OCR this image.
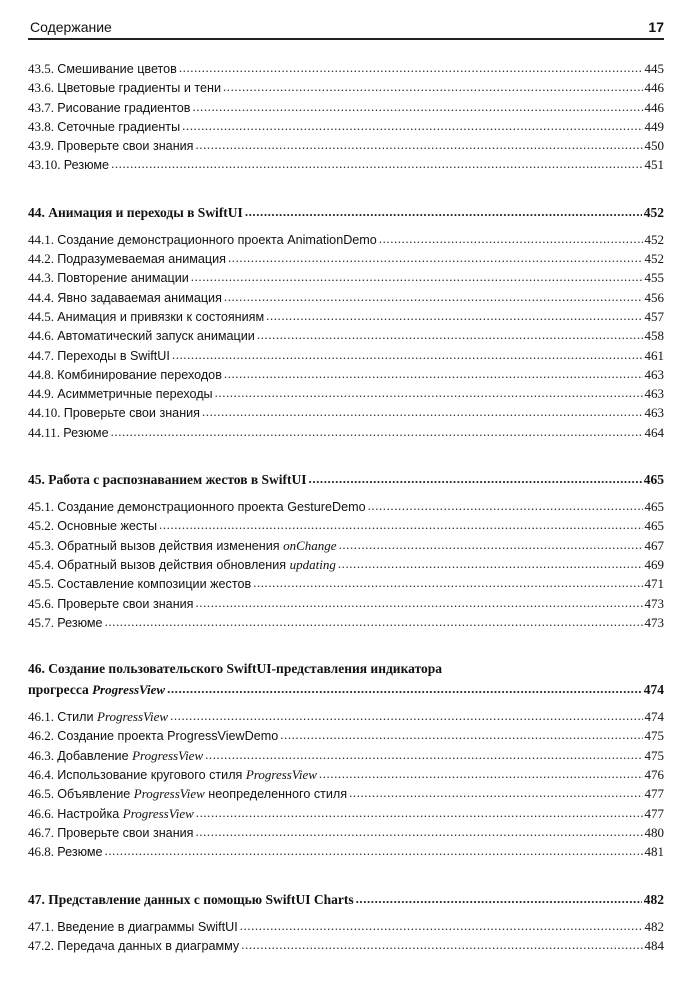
Содержание	17
43.5. Смешивание цветов . . .	445
43.6. Цветовые градиенты и тени . . .	446
43.7. Рисование градиентов . . .	446
43.8. Сеточные градиенты . . .	449
43.9. Проверьте свои знания . . .	450
43.10. Резюме . . .	451
44. Анимация и переходы в SwiftUI . . .	452
44.1. Создание демонстрационного проекта AnimationDemo . . .	452
44.2. Подразумеваемая анимация . . .	452
44.3. Повторение анимации . . .	455
44.4. Явно задаваемая анимация . . .	456
44.5. Анимация и привязки к состояниям . . .	457
44.6. Автоматический запуск анимации . . .	458
44.7. Переходы в SwiftUI . . .	461
44.8. Комбинирование переходов . . .	463
44.9. Асимметричные переходы . . .	463
44.10. Проверьте свои знания . . .	463
44.11. Резюме . . .	464
45. Работа с распознаванием жестов в SwiftUI . . .	465
45.1. Создание демонстрационного проекта GestureDemo . . .	465
45.2. Основные жесты . . .	465
45.3. Обратный вызов действия изменения onChange . . .	467
45.4. Обратный вызов действия обновления updating . . .	469
45.5. Составление композиции жестов . . .	471
45.6. Проверьте свои знания . . .	473
45.7. Резюме . . .	473
46. Создание пользовательского SwiftUI-представления индикатора
прогресса ProgressView . . .	474
46.1. Стили ProgressView . . .	474
46.2. Создание проекта ProgressViewDemo . . .	475
46.3. Добавление ProgressView . . .	475
46.4. Использование кругового стиля ProgressView . . .	476
46.5. Объявление ProgressView неопределенного стиля . . .	477
46.6. Настройка ProgressView . . .	477
46.7. Проверьте свои знания . . .	480
46.8. Резюме . . .	481
47. Представление данных с помощью SwiftUI Charts . . .	482
47.1. Введение в диаграммы SwiftUI . . .	482
47.2. Передача данных в диаграмму . . .	484
